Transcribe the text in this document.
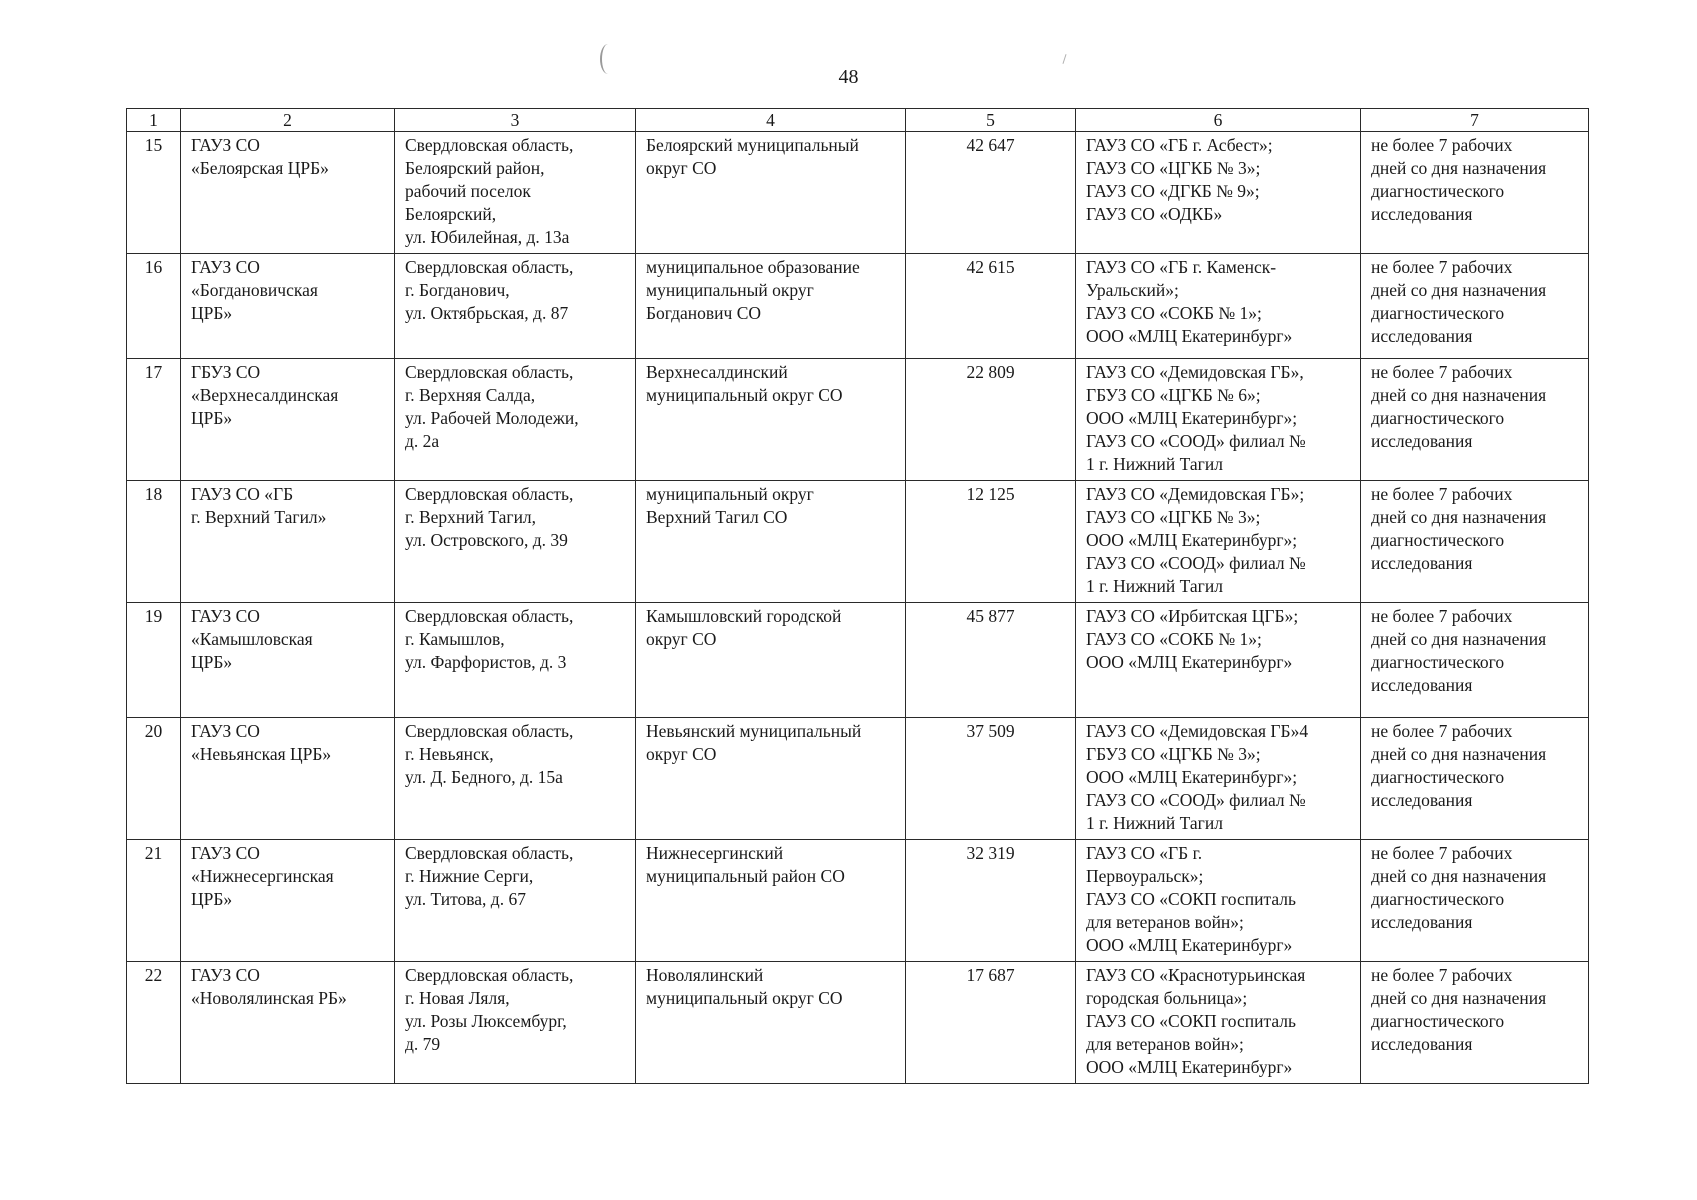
48
1	2	3	4	5	6	7
15	ГАУЗ СО
«Белоярская ЦРБ»	Свердловская область,
Белоярский район,
рабочий поселок
Белоярский,
ул. Юбилейная, д. 13а	Белоярский муниципальный
округ СО	42 647	ГАУЗ СО «ГБ г. Асбест»;
ГАУЗ СО «ЦГКБ № 3»;
ГАУЗ СО «ДГКБ № 9»;
ГАУЗ СО «ОДКБ»	не более 7 рабочих
дней со дня назначения
диагностического
исследования
16	ГАУЗ СО
«Богдановичская
ЦРБ»	Свердловская область,
г. Богданович,
ул. Октябрьская, д. 87	муниципальное образование
муниципальный округ
Богданович СО	42 615	ГАУЗ СО «ГБ г. Каменск-
Уральский»;
ГАУЗ СО «СОКБ № 1»;
ООО «МЛЦ Екатеринбург»	не более 7 рабочих
дней со дня назначения
диагностического
исследования
17	ГБУЗ СО
«Верхнесалдинская
ЦРБ»	Свердловская область,
г. Верхняя Салда,
ул. Рабочей Молодежи,
д. 2а	Верхнесалдинский
муниципальный округ СО	22 809	ГАУЗ СО «Демидовская ГБ»,
ГБУЗ СО «ЦГКБ № 6»;
ООО «МЛЦ Екатеринбург»;
ГАУЗ СО «СООД» филиал №
1 г. Нижний Тагил	не более 7 рабочих
дней со дня назначения
диагностического
исследования
18	ГАУЗ СО «ГБ
г. Верхний Тагил»	Свердловская область,
г. Верхний Тагил,
ул. Островского, д. 39	муниципальный округ
Верхний Тагил СО	12 125	ГАУЗ СО «Демидовская ГБ»;
ГАУЗ СО «ЦГКБ № 3»;
ООО «МЛЦ Екатеринбург»;
ГАУЗ СО «СООД» филиал №
1 г. Нижний Тагил	не более 7 рабочих
дней со дня назначения
диагностического
исследования
19	ГАУЗ СО
«Камышловская
ЦРБ»	Свердловская область,
г. Камышлов,
ул. Фарфористов, д. 3	Камышловский городской
округ СО	45 877	ГАУЗ СО «Ирбитская ЦГБ»;
ГАУЗ СО «СОКБ № 1»;
ООО «МЛЦ Екатеринбург»	не более 7 рабочих
дней со дня назначения
диагностического
исследования
20	ГАУЗ СО
«Невьянская ЦРБ»	Свердловская область,
г. Невьянск,
ул. Д. Бедного, д. 15а	Невьянский муниципальный
округ СО	37 509	ГАУЗ СО «Демидовская ГБ»4
ГБУЗ СО «ЦГКБ № 3»;
ООО «МЛЦ Екатеринбург»;
ГАУЗ СО «СООД» филиал №
1 г. Нижний Тагил	не более 7 рабочих
дней со дня назначения
диагностического
исследования
21	ГАУЗ СО
«Нижнесергинская
ЦРБ»	Свердловская область,
г. Нижние Серги,
ул. Титова, д. 67	Нижнесергинский
муниципальный район СО	32 319	ГАУЗ СО «ГБ г.
Первоуральск»;
ГАУЗ СО «СОКП госпиталь
для ветеранов войн»;
ООО «МЛЦ Екатеринбург»	не более 7 рабочих
дней со дня назначения
диагностического
исследования
22	ГАУЗ СО
«Новолялинская РБ»	Свердловская область,
г. Новая Ляля,
ул. Розы Люксембург,
д. 79	Новолялинский
муниципальный округ СО	17 687	ГАУЗ СО «Краснотурьинская
городская больница»;
ГАУЗ СО «СОКП госпиталь
для ветеранов войн»;
ООО «МЛЦ Екатеринбург»	не более 7 рабочих
дней со дня назначения
диагностического
исследования
